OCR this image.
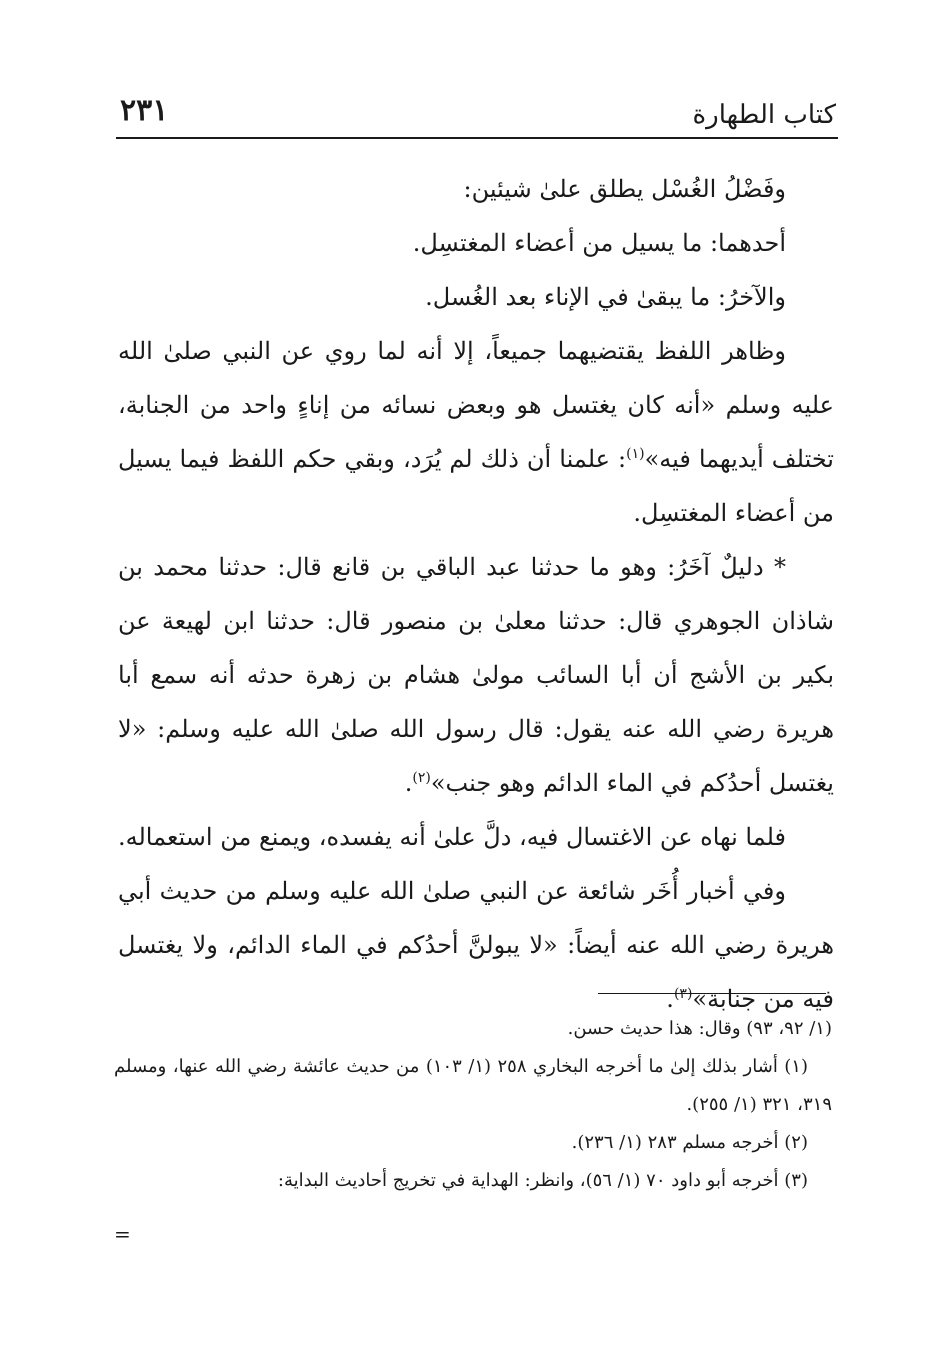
كتاب الطهارة
٢٣١

وفَضْلُ الغُسْل يطلق علىٰ شيئين:

أحدهما: ما يسيل من أعضاء المغتسِل.

والآخرُ: ما يبقىٰ في الإناء بعد الغُسل.

وظاهر اللفظ يقتضيهما جميعاً، إلا أنه لما روي عن النبي صلىٰ الله عليه وسلم «أنه كان يغتسل هو وبعض نسائه من إناءٍ واحد من الجنابة، تختلف أيديهما فيه»$^{(١)}$: علمنا أن ذلك لم يُرَد، وبقي حكم اللفظ فيما يسيل من أعضاء المغتسِل.

* دليلٌ آخَرُ: وهو ما حدثنا عبد الباقي بن قانع قال: حدثنا محمد بن شاذان الجوهري قال: حدثنا معلىٰ بن منصور قال: حدثنا ابن لهيعة عن بكير بن الأشج أن أبا السائب مولىٰ هشام بن زهرة حدثه أنه سمع أبا هريرة رضي الله عنه يقول: قال رسول الله صلىٰ الله عليه وسلم: «لا يغتسل أحدُكم في الماء الدائم وهو جنب»$^{(٢)}$.

فلما نهاه عن الاغتسال فيه، دلَّ علىٰ أنه يفسده، ويمنع من استعماله.

وفي أخبار أُخَر شائعة عن النبي صلىٰ الله عليه وسلم من حديث أبي هريرة رضي الله عنه أيضاً: «لا يبولنَّ أحدُكم في الماء الدائم، ولا يغتسل فيه من جنابة»$^{(٣)}$.

(١/ ٩٢، ٩٣) وقال: هذا حديث حسن.

(١) أشار بذلك إلىٰ ما أخرجه البخاري ٢٥٨ (١/ ١٠٣) من حديث عائشة رضي الله عنها، ومسلم ٣١٩، ٣٢١ (١/ ٢٥٥).

(٢) أخرجه مسلم ٢٨٣ (١/ ٢٣٦).

(٣) أخرجه أبو داود ٧٠ (١/ ٥٦)، وانظر: الهداية في تخريج أحاديث البداية:

=
